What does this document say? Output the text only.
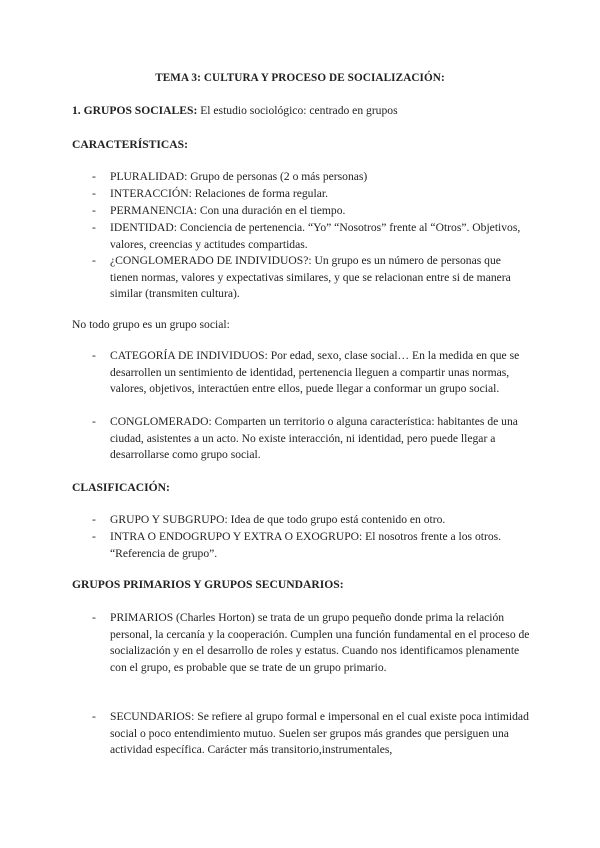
TEMA 3: CULTURA Y PROCESO DE SOCIALIZACIÓN:
1. GRUPOS SOCIALES: El estudio sociológico: centrado en grupos
CARACTERÍSTICAS:
-	PLURALIDAD: Grupo de personas (2 o más personas)
-	INTERACCIÓN: Relaciones de forma regular.
-	PERMANENCIA: Con una duración en el tiempo.
-	IDENTIDAD: Conciencia de pertenencia. “Yo” “Nosotros” frente al “Otros”. Objetivos, valores, creencias y actitudes compartidas.
-	¿CONGLOMERADO DE INDIVIDUOS?: Un grupo es un número de personas que tienen normas, valores y expectativas similares, y que se relacionan entre si de manera similar (transmiten cultura).
No todo grupo es un grupo social:
-	CATEGORÍA DE INDIVIDUOS: Por edad, sexo, clase social… En la medida en que se desarrollen un sentimiento de identidad, pertenencia lleguen a compartir unas normas, valores, objetivos, interactúen entre ellos, puede llegar a conformar un grupo social.
-	CONGLOMERADO: Comparten un territorio o alguna característica: habitantes de una ciudad, asistentes a un acto. No existe interacción, ni identidad, pero puede llegar a desarrollarse como grupo social.
CLASIFICACIÓN:
-	GRUPO Y SUBGRUPO: Idea de que todo grupo está contenido en otro.
-	INTRA O ENDOGRUPO Y EXTRA O EXOGRUPO: El nosotros frente a los otros. “Referencia de grupo”.
GRUPOS PRIMARIOS Y GRUPOS SECUNDARIOS:
-	PRIMARIOS (Charles Horton) se trata de un grupo pequeño donde prima la relación personal, la cercanía y la cooperación. Cumplen una función fundamental en el proceso de socialización y en el desarrollo de roles y estatus. Cuando nos identificamos plenamente con el grupo, es probable que se trate de un grupo primario.
-	SECUNDARIOS: Se refiere al grupo formal e impersonal en el cual existe poca intimidad social o poco entendimiento mutuo. Suelen ser grupos más grandes que persiguen una actividad específica. Carácter más transitorio,instrumentales,
